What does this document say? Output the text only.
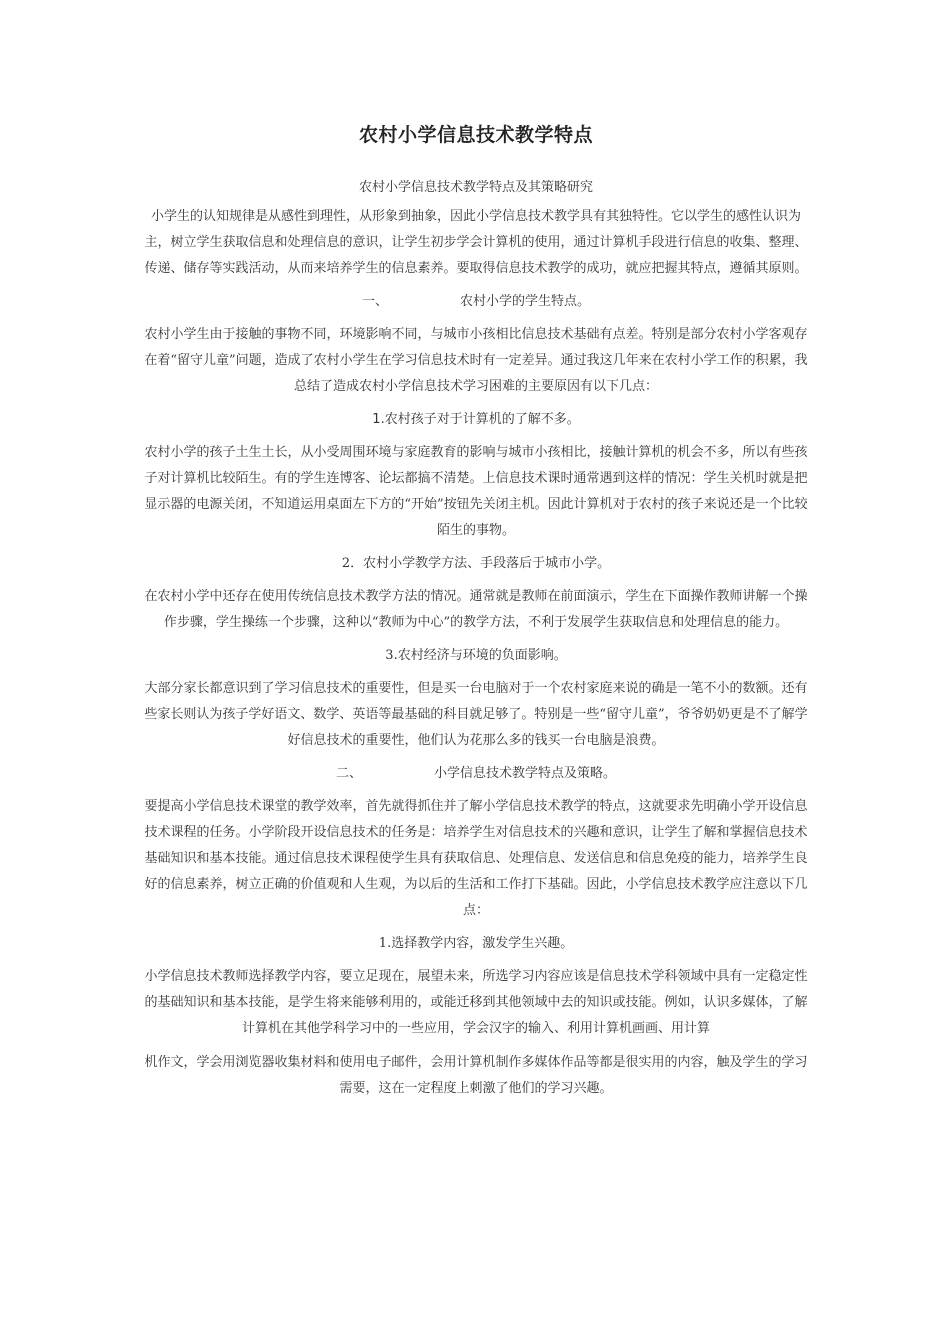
农村小学信息技术教学特点

农村小学信息技术教学特点及其策略研究

小学生的认知规律是从感性到理性，从形象到抽象，因此小学信息技术教学具有其独特性。它以学生的感性认识为主，树立学生获取信息和处理信息的意识，让学生初步学会计算机的使用，通过计算机手段进行信息的收集、整理、传递、储存等实践活动，从而来培养学生的信息素养。要取得信息技术教学的成功，就应把握其特点，遵循其原则。

一、	农村小学的学生特点。

农村小学生由于接触的事物不同，环境影响不同，与城市小孩相比信息技术基础有点差。特别是部分农村小学客观存在着“留守儿童”问题，造成了农村小学生在学习信息技术时有一定差异。通过我这几年来在农村小学工作的积累，我总结了造成农村小学信息技术学习困难的主要原因有以下几点：

1.农村孩子对于计算机的了解不多。

农村小学的孩子土生土长，从小受周围环境与家庭教育的影响与城市小孩相比，接触计算机的机会不多，所以有些孩子对计算机比较陌生。有的学生连博客、论坛都搞不清楚。上信息技术课时通常遇到这样的情况：学生关机时就是把显示器的电源关闭，不知道运用桌面左下方的“开始”按钮先关闭主机。因此计算机对于农村的孩子来说还是一个比较陌生的事物。

2．农村小学教学方法、手段落后于城市小学。

在农村小学中还存在使用传统信息技术教学方法的情况。通常就是教师在前面演示，学生在下面操作教师讲解一个操作步骤，学生操练一个步骤，这种以“教师为中心”的教学方法，不利于发展学生获取信息和处理信息的能力。

3.农村经济与环境的负面影响。

大部分家长都意识到了学习信息技术的重要性，但是买一台电脑对于一个农村家庭来说的确是一笔不小的数额。还有些家长则认为孩子学好语文、数学、英语等最基础的科目就足够了。特别是一些“留守儿童”，爷爷奶奶更是不了解学好信息技术的重要性，他们认为花那么多的钱买一台电脑是浪费。

二、	小学信息技术教学特点及策略。

要提高小学信息技术课堂的教学效率，首先就得抓住并了解小学信息技术教学的特点，这就要求先明确小学开设信息技术课程的任务。小学阶段开设信息技术的任务是：培养学生对信息技术的兴趣和意识，让学生了解和掌握信息技术基础知识和基本技能。通过信息技术课程使学生具有获取信息、处理信息、发送信息和信息免疫的能力，培养学生良好的信息素养，树立正确的价值观和人生观，为以后的生活和工作打下基础。因此，小学信息技术教学应注意以下几点：

1.选择教学内容，激发学生兴趣。

小学信息技术教师选择教学内容，要立足现在，展望未来，所选学习内容应该是信息技术学科领域中具有一定稳定性的基础知识和基本技能，是学生将来能够利用的，或能迁移到其他领域中去的知识或技能。例如，认识多媒体，了解计算机在其他学科学习中的一些应用，学会汉字的输入、利用计算机画画、用计算

机作文，学会用浏览器收集材料和使用电子邮件，会用计算机制作多媒体作品等都是很实用的内容，触及学生的学习需要，这在一定程度上刺激了他们的学习兴趣。
